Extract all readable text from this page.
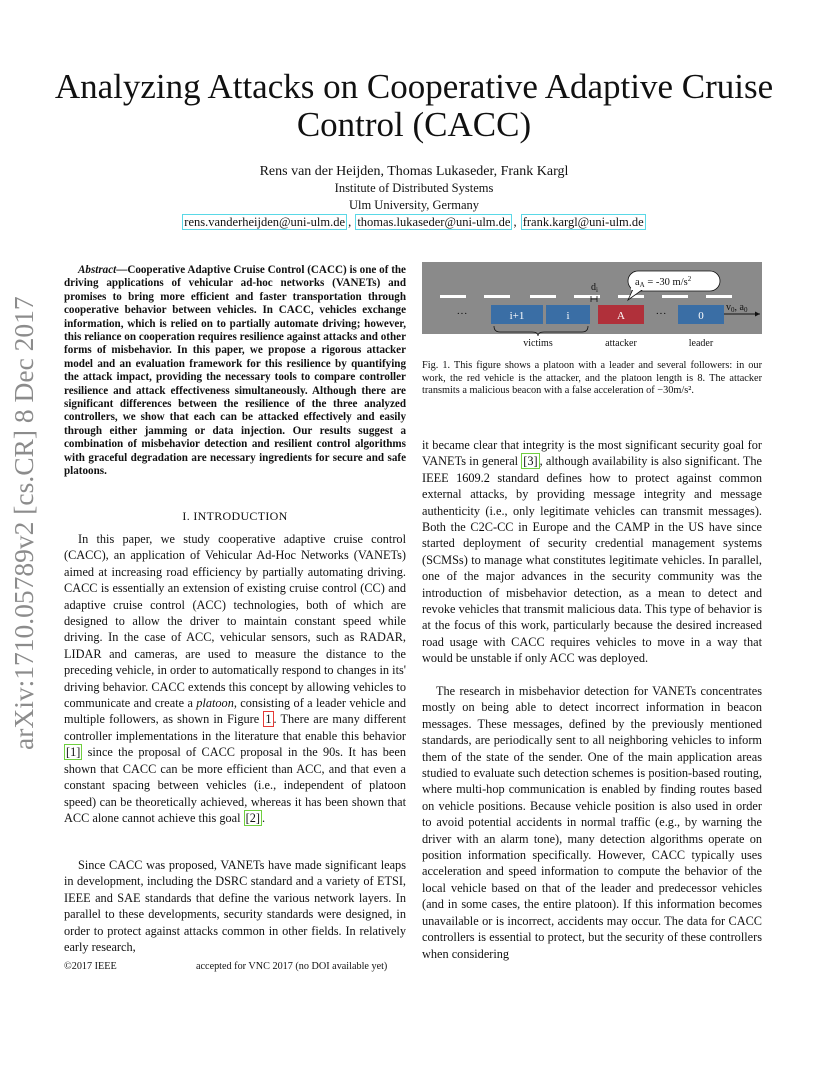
Analyzing Attacks on Cooperative Adaptive Cruise
Control (CACC)
Rens van der Heijden, Thomas Lukaseder, Frank Kargl
Institute of Distributed Systems
Ulm University, Germany
rens.vanderheijden@uni-ulm.de , thomas.lukaseder@uni-ulm.de , frank.kargl@uni-ulm.de
arXiv:1710.05789v2 [cs.CR] 8 Dec 2017

Abstract—Cooperative Adaptive Cruise Control (CACC) is one of the driving applications of vehicular ad-hoc networks (VANETs) and promises to bring more efficient and faster transportation through cooperative behavior between vehicles. In CACC, vehicles exchange information, which is relied on to partially automate driving; however, this reliance on cooperation requires resilience against attacks and other forms of misbehavior. In this paper, we propose a rigorous attacker model and an evaluation framework for this resilience by quantifying the attack impact, providing the necessary tools to compare controller resilience and attack effectiveness simultaneously. Although there are significant differences between the resilience of the three analyzed controllers, we show that each can be attacked effectively and easily through either jamming or data injection. Our results suggest a combination of misbehavior detection and resilient control algorithms with graceful degradation are necessary ingredients for secure and safe platoons.

I. INTRODUCTION

In this paper, we study cooperative adaptive cruise control (CACC), an application of Vehicular Ad-Hoc Networks (VANETs) aimed at increasing road efficiency by partially automating driving. CACC is essentially an extension of existing cruise control (CC) and adaptive cruise control (ACC) technologies, both of which are designed to allow the driver to maintain constant speed while driving. In the case of ACC, vehicular sensors, such as RADAR, LIDAR and cameras, are used to measure the distance to the preceding vehicle, in order to automatically respond to changes in its' driving behavior. CACC extends this concept by allowing vehicles to communicate and create a platoon, consisting of a leader vehicle and multiple followers, as shown in Figure 1 . There are many different controller implementations in the literature that enable this behavior [1] since the proposal of CACC proposal in the 90s. It has been shown that CACC can be more efficient than ACC, and that even a constant spacing between vehicles (i.e., independent of platoon speed) can be theoretically achieved, whereas it has been shown that ACC alone cannot achieve this goal [2] .

Since CACC was proposed, VANETs have made significant leaps in development, including the DSRC standard and a variety of ETSI, IEEE and SAE standards that define the various network layers. In parallel to these developments, security standards were designed, in order to protect against attacks common in other fields. In relatively early research,

©2017 IEEE	accepted for VNC 2017 (no DOI available yet)
i+1	i	A	0
···	···
$v_0$, $a_0$
$d_i$
aA = -30 $m/s^2$
victims	attacker	leader

Fig. 1. This figure shows a platoon with a leader and several followers: in our work, the red vehicle is the attacker, and the platoon length is 8. The attacker transmits a malicious beacon with a false acceleration of −30m/s².

it became clear that integrity is the most significant security goal for VANETs in general [3] , although availability is also significant. The IEEE 1609.2 standard defines how to protect against common external attacks, by providing message integrity and message authenticity (i.e., only legitimate vehicles can transmit messages). Both the C2C-CC in Europe and the CAMP in the US have since started deployment of security credential management systems (SCMSs) to manage what constitutes legitimate vehicles. In parallel, one of the major advances in the security community was the introduction of misbehavior detection, as a mean to detect and revoke vehicles that transmit malicious data. This type of behavior is at the focus of this work, particularly because the desired increased road usage with CACC requires vehicles to move in a way that would be unstable if only ACC was deployed.

The research in misbehavior detection for VANETs concentrates mostly on being able to detect incorrect information in beacon messages. These messages, defined by the previously mentioned standards, are periodically sent to all neighboring vehicles to inform them of the state of the sender. One of the main application areas studied to evaluate such detection schemes is position-based routing, where multi-hop communication is enabled by finding routes based on vehicle positions. Because vehicle position is also used in order to avoid potential accidents in normal traffic (e.g., by warning the driver with an alarm tone), many detection algorithms operate on position information specifically. However, CACC typically uses acceleration and speed information to compute the behavior of the local vehicle based on that of the leader and predecessor vehicles (and in some cases, the entire platoon). If this information becomes unavailable or is incorrect, accidents may occur. The data for CACC controllers is essential to protect, but the security of these controllers when considering
